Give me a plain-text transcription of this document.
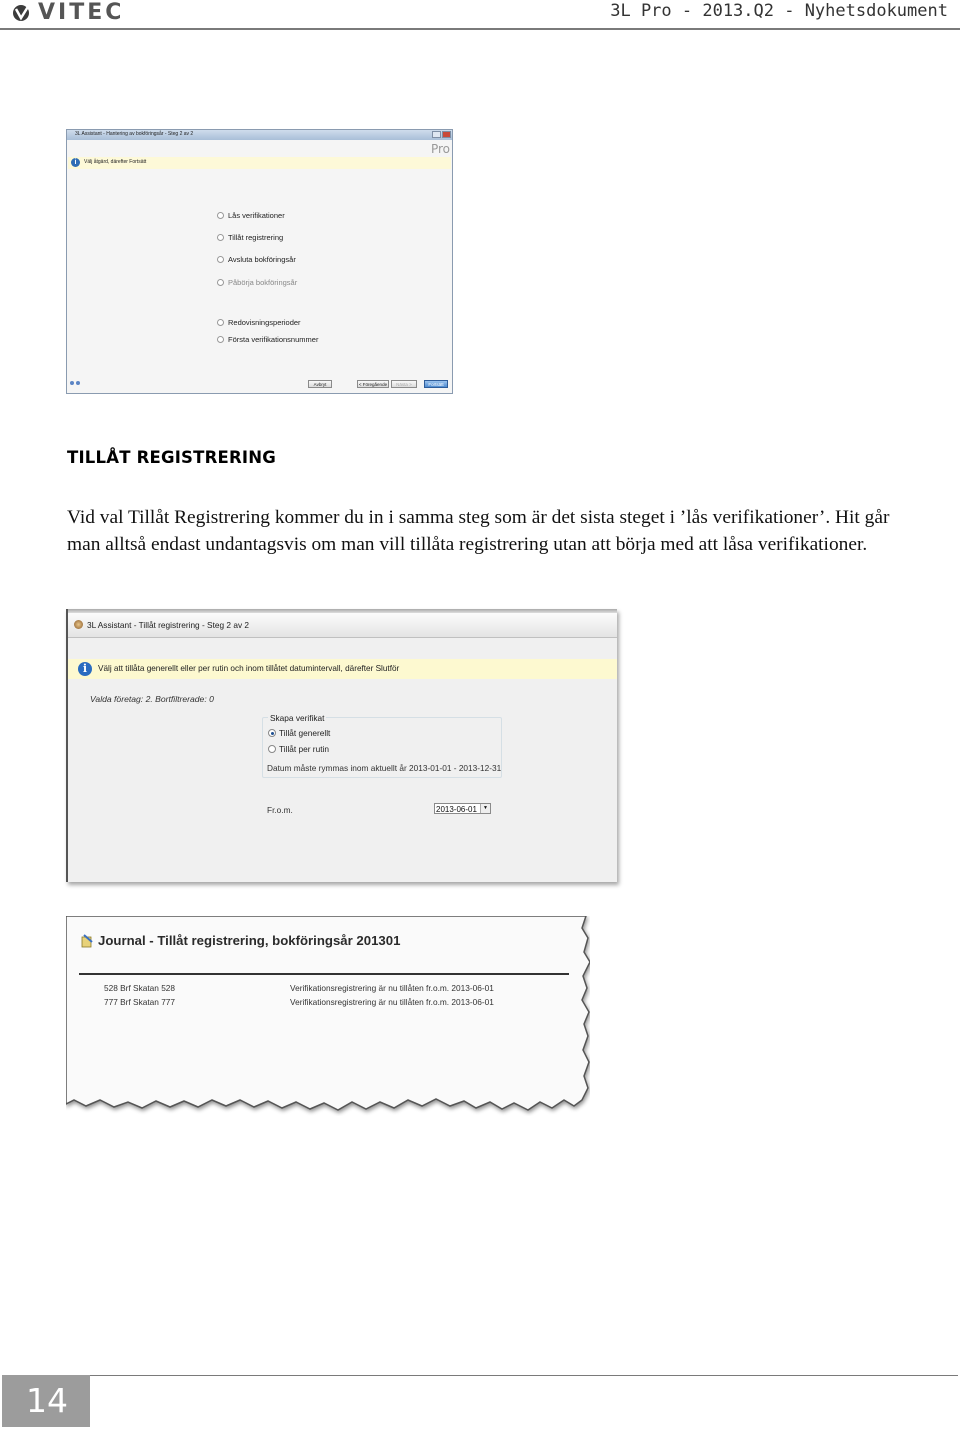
VITEC	3L Pro - 2013.Q2 - Nyhetsdokument
3L Assistant - Hantering av bokföringsår - Steg 2 av 2
Pro
i	Välj åtgärd, därefter Fortsätt
Lås verifikationer
Tillåt registrering
Avsluta bokföringsår
Påbörja bokföringsår
Redovisningsperioder
Första verifikationsnummer
Avbryt	< Föregående	Nästa >	Fortsätt
TILLÅT REGISTRERING
Vid val Tillåt Registrering kommer du in i samma steg som är det sista steget i ’lås verifikationer’. Hit går man alltså endast undantagsvis om man vill tillåta registrering utan att börja med att låsa verifikationer.
3L Assistant - Tillåt registrering - Steg 2 av 2
i	Välj att tillåta generellt eller per rutin och inom tillåtet datumintervall, därefter Slutför
Valda företag: 2. Bortfiltrerade: 0
Skapa verifikat
Tillåt generellt
Tillåt per rutin
Datum måste rymmas inom aktuellt år 2013-01-01 - 2013-12-31
Fr.o.m.	2013-06-01	▼
Journal - Tillåt registrering, bokföringsår 201301
528 Brf Skatan 528	Verifikationsregistrering är nu tillåten fr.o.m. 2013-06-01
777 Brf Skatan 777	Verifikationsregistrering är nu tillåten fr.o.m. 2013-06-01
14
